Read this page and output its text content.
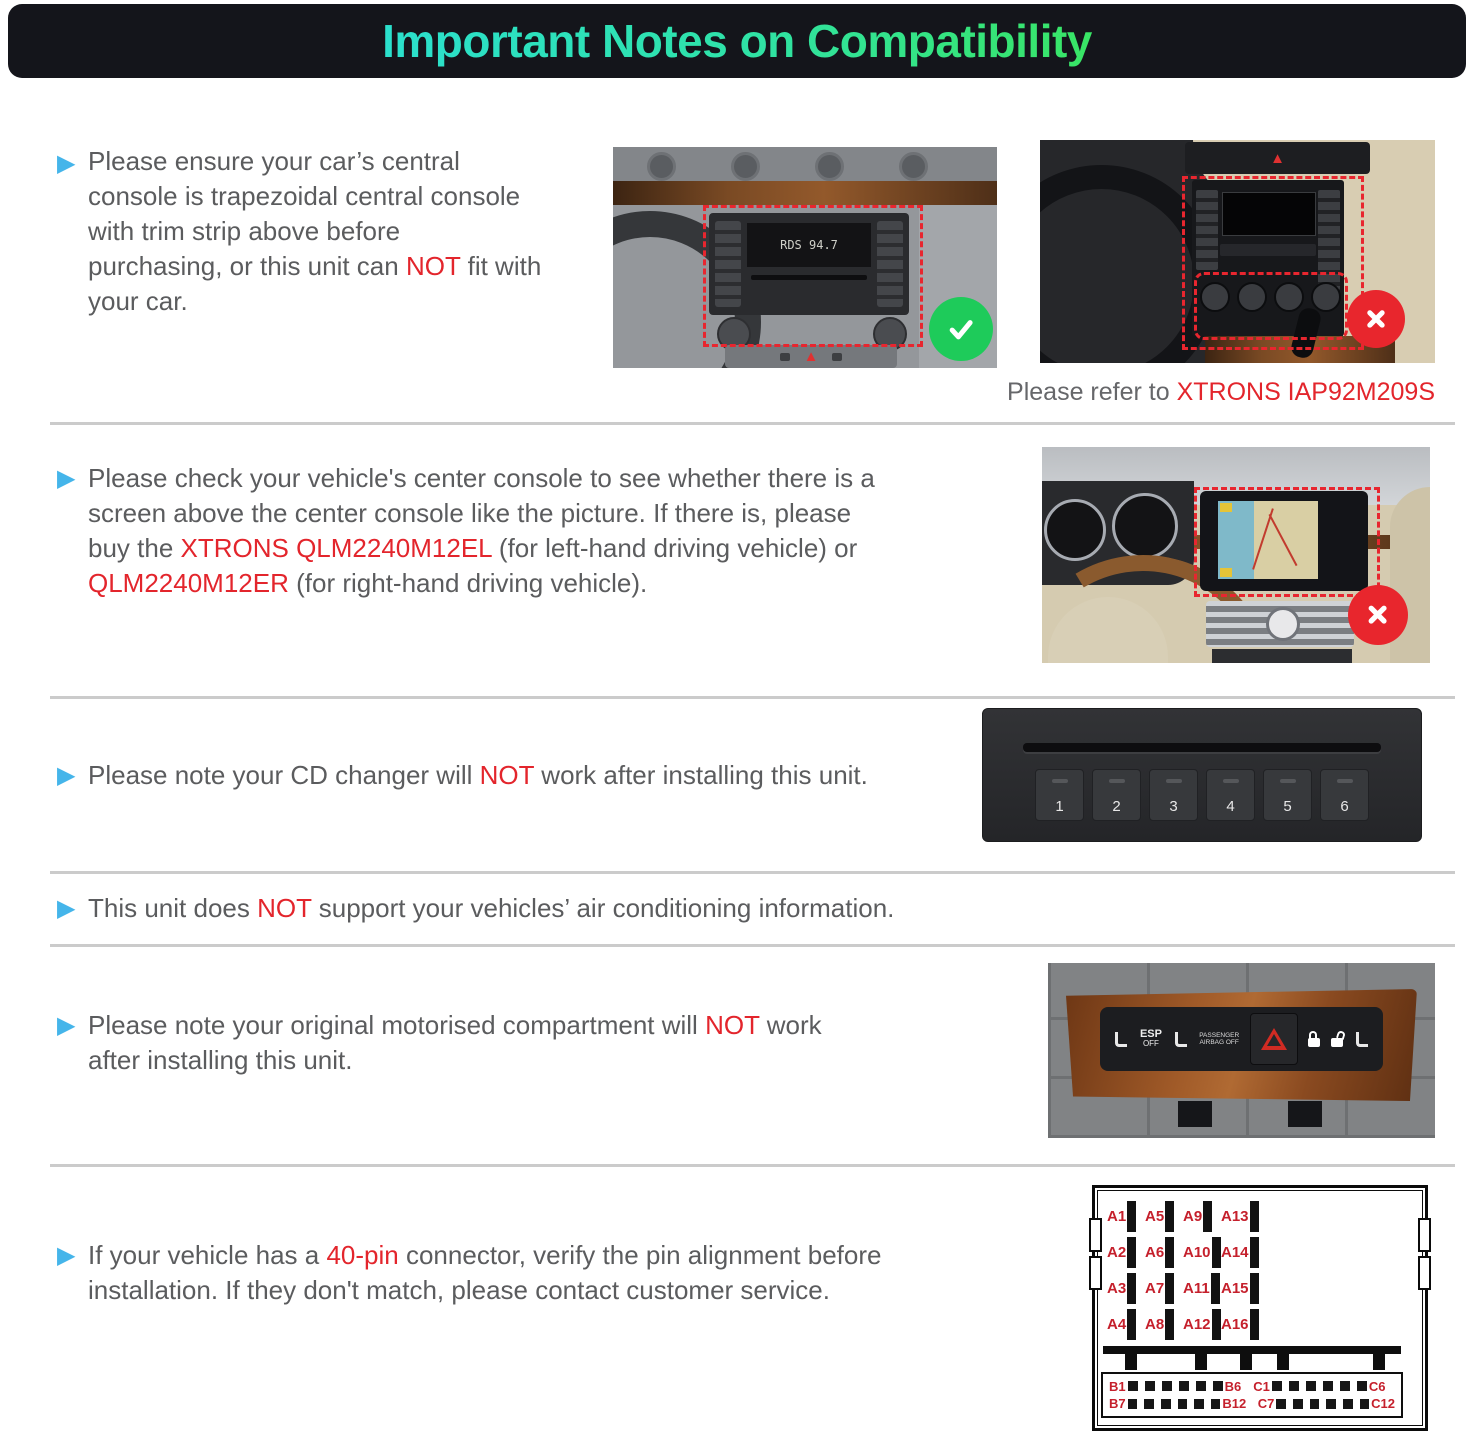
Important Notes on Compatibility
▶ Please ensure your car’s central
console is trapezoidal central console
with trim strip above before
purchasing, or this unit can NOT fit with
your car.

RDS 94.7
▲
▲

Please refer to XTRONS IAP92M209S

▶ Please check your vehicle's center console to see whether there is a
screen above the center console like the picture. If there is, please
buy the XTRONS QLM2240M12EL (for left-hand driving vehicle) or
QLM2240M12ER (for right-hand driving vehicle).

▶ Please note your CD changer will NOT work after installing this unit.

1	2	3	4	5	6
▶ This unit does NOT support your vehicles’ air conditioning information.

▶ Please note your original motorised compartment will NOT work
after installing this unit.

ESP
OFF
PASSENGER
AIRBAG OFF
▶ If your vehicle has a 40-pin connector, verify the pin alignment before
installation. If they don't match, please contact customer service.

A1 A5 A9 A13
A2 A6 A10 A14
A3 A7 A11 A15
A4 A8 A12 A16
B1	B6 C1	C6
B7	B12 C7	C12
